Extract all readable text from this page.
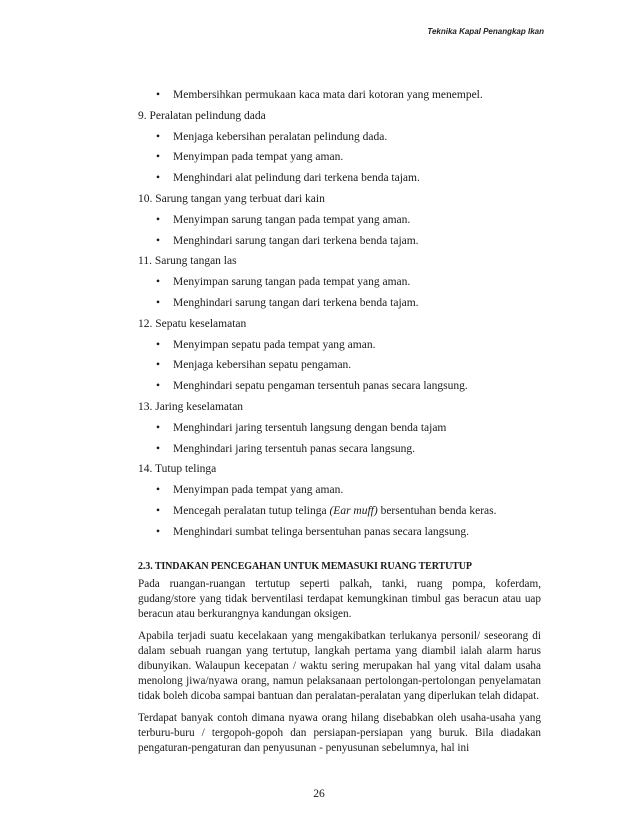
Teknika Kapal Penangkap Ikan
• Membersihkan permukaan kaca mata dari kotoran yang menempel.
9. Peralatan pelindung dada
• Menjaga kebersihan peralatan pelindung dada.
• Menyimpan pada tempat yang aman.
• Menghindari alat pelindung dari terkena benda tajam.
10. Sarung tangan yang terbuat dari kain
• Menyimpan sarung tangan pada tempat yang aman.
• Menghindari sarung tangan dari terkena benda tajam.
11. Sarung tangan las
• Menyimpan sarung tangan pada tempat yang aman.
• Menghindari sarung tangan dari terkena benda tajam.
12. Sepatu keselamatan
• Menyimpan sepatu pada tempat yang aman.
• Menjaga kebersihan sepatu pengaman.
• Menghindari sepatu pengaman tersentuh panas secara langsung.
13. Jaring keselamatan
• Menghindari jaring tersentuh langsung dengan benda tajam
• Menghindari jaring tersentuh panas secara langsung.
14. Tutup telinga
• Menyimpan pada tempat yang aman.
• Mencegah peralatan tutup telinga (Ear muff) bersentuhan benda keras.
• Menghindari sumbat telinga bersentuhan panas secara langsung.
2.3. TINDAKAN PENCEGAHAN UNTUK MEMASUKI RUANG TERTUTUP

Pada ruangan-ruangan tertutup seperti palkah, tanki, ruang pompa, koferdam, gudang/store yang tidak berventilasi terdapat kemungkinan timbul gas beracun atau uap beracun atau berkurangnya kandungan oksigen.

Apabila terjadi suatu kecelakaan yang mengakibatkan terlukanya personil/ seseorang di dalam sebuah ruangan yang tertutup, langkah pertama yang diambil ialah alarm harus dibunyikan. Walaupun kecepatan / waktu sering merupakan hal yang vital dalam usaha menolong jiwa/nyawa orang, namun pelaksanaan pertolongan-pertolongan penyelamatan tidak boleh dicoba sampai bantuan dan peralatan-peralatan yang diperlukan telah didapat.

Terdapat banyak contoh dimana nyawa orang hilang disebabkan oleh usaha-usaha yang terburu-buru / tergopoh-gopoh dan persiapan-persiapan yang buruk. Bila diadakan pengaturan-pengaturan dan penyusunan - penyusunan sebelumnya, hal ini

26
